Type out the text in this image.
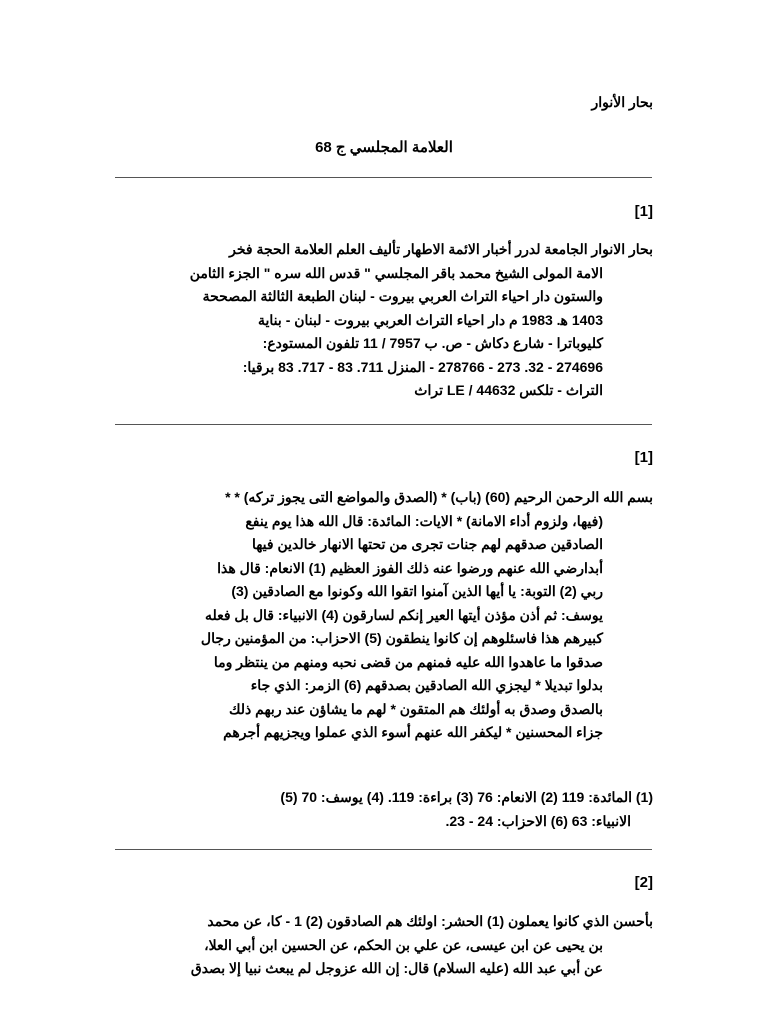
بحار الأنوار
العلامة المجلسي ج 68
[1]
بحار الانوار الجامعة لدرر أخبار الائمة الاطهار تأليف العلم العلامة الحجة فخر
الامة المولى الشيخ محمد باقر المجلسي " قدس الله سره " الجزء الثامن
والستون دار احياء التراث العربي بيروت - لبنان الطبعة الثالثة المصححة
1403 ه‍. 1983 م دار احياء التراث العربي بيروت - لبنان - بناية
كليوباترا - شارع دكاش - ص. ب 7957 / 11 تلفون المستودع:
274696 - 32. 273 - 278766 - المنزل 711. 83 - 717. 83 برقيا:
التراث - تلكس LE / 44632 تراث
[1]
بسم الله الرحمن الرحيم (60) (باب) * (الصدق والمواضع التى يجوز تركه) * *
(فيها، ولزوم أداء الامانة) * الايات: المائدة: قال الله هذا يوم ينفع
الصادقين صدقهم لهم جنات تجرى من تحتها الانهار خالدين فيها
أبدارضي الله عنهم ورضوا عنه ذلك الفوز العظيم (1) الانعام: قال هذا
ربي (2) التوبة: يا أيها الذين آمنوا اتقوا الله وكونوا مع الصادقين (3)
يوسف: ثم أذن مؤذن أيتها العير إنكم لسارقون (4) الانبياء: قال بل فعله
كبيرهم هذا فاسئلوهم إن كانوا ينطقون (5) الاحزاب: من المؤمنين رجال
صدقوا ما عاهدوا الله عليه فمنهم من قضى نحبه ومنهم من ينتظر وما
بدلوا تبديلا * ليجزي الله الصادقين بصدقهم (6) الزمر: الذي جاء
بالصدق وصدق به أولئك هم المتقون * لهم ما يشاؤن عند ربهم ذلك
جزاء المحسنين * ليكفر الله عنهم أسوء الذي عملوا ويجزيهم أجرهم
(1) المائدة: 119 (2) الانعام: 76 (3) براءة: 119. (4) يوسف: 70 (5)
الانبياء: 63 (6) الاحزاب: 24 - 23.
[2]
بأحسن الذي كانوا يعملون (1) الحشر: اولئك هم الصادقون (2) 1 - كا، عن محمد
بن يحيى عن ابن عيسى، عن علي بن الحكم، عن الحسين ابن أبي العلا،
عن أبي عبد الله (عليه السلام) قال: إن الله عزوجل لم يبعث نبيا إلا بصدق
